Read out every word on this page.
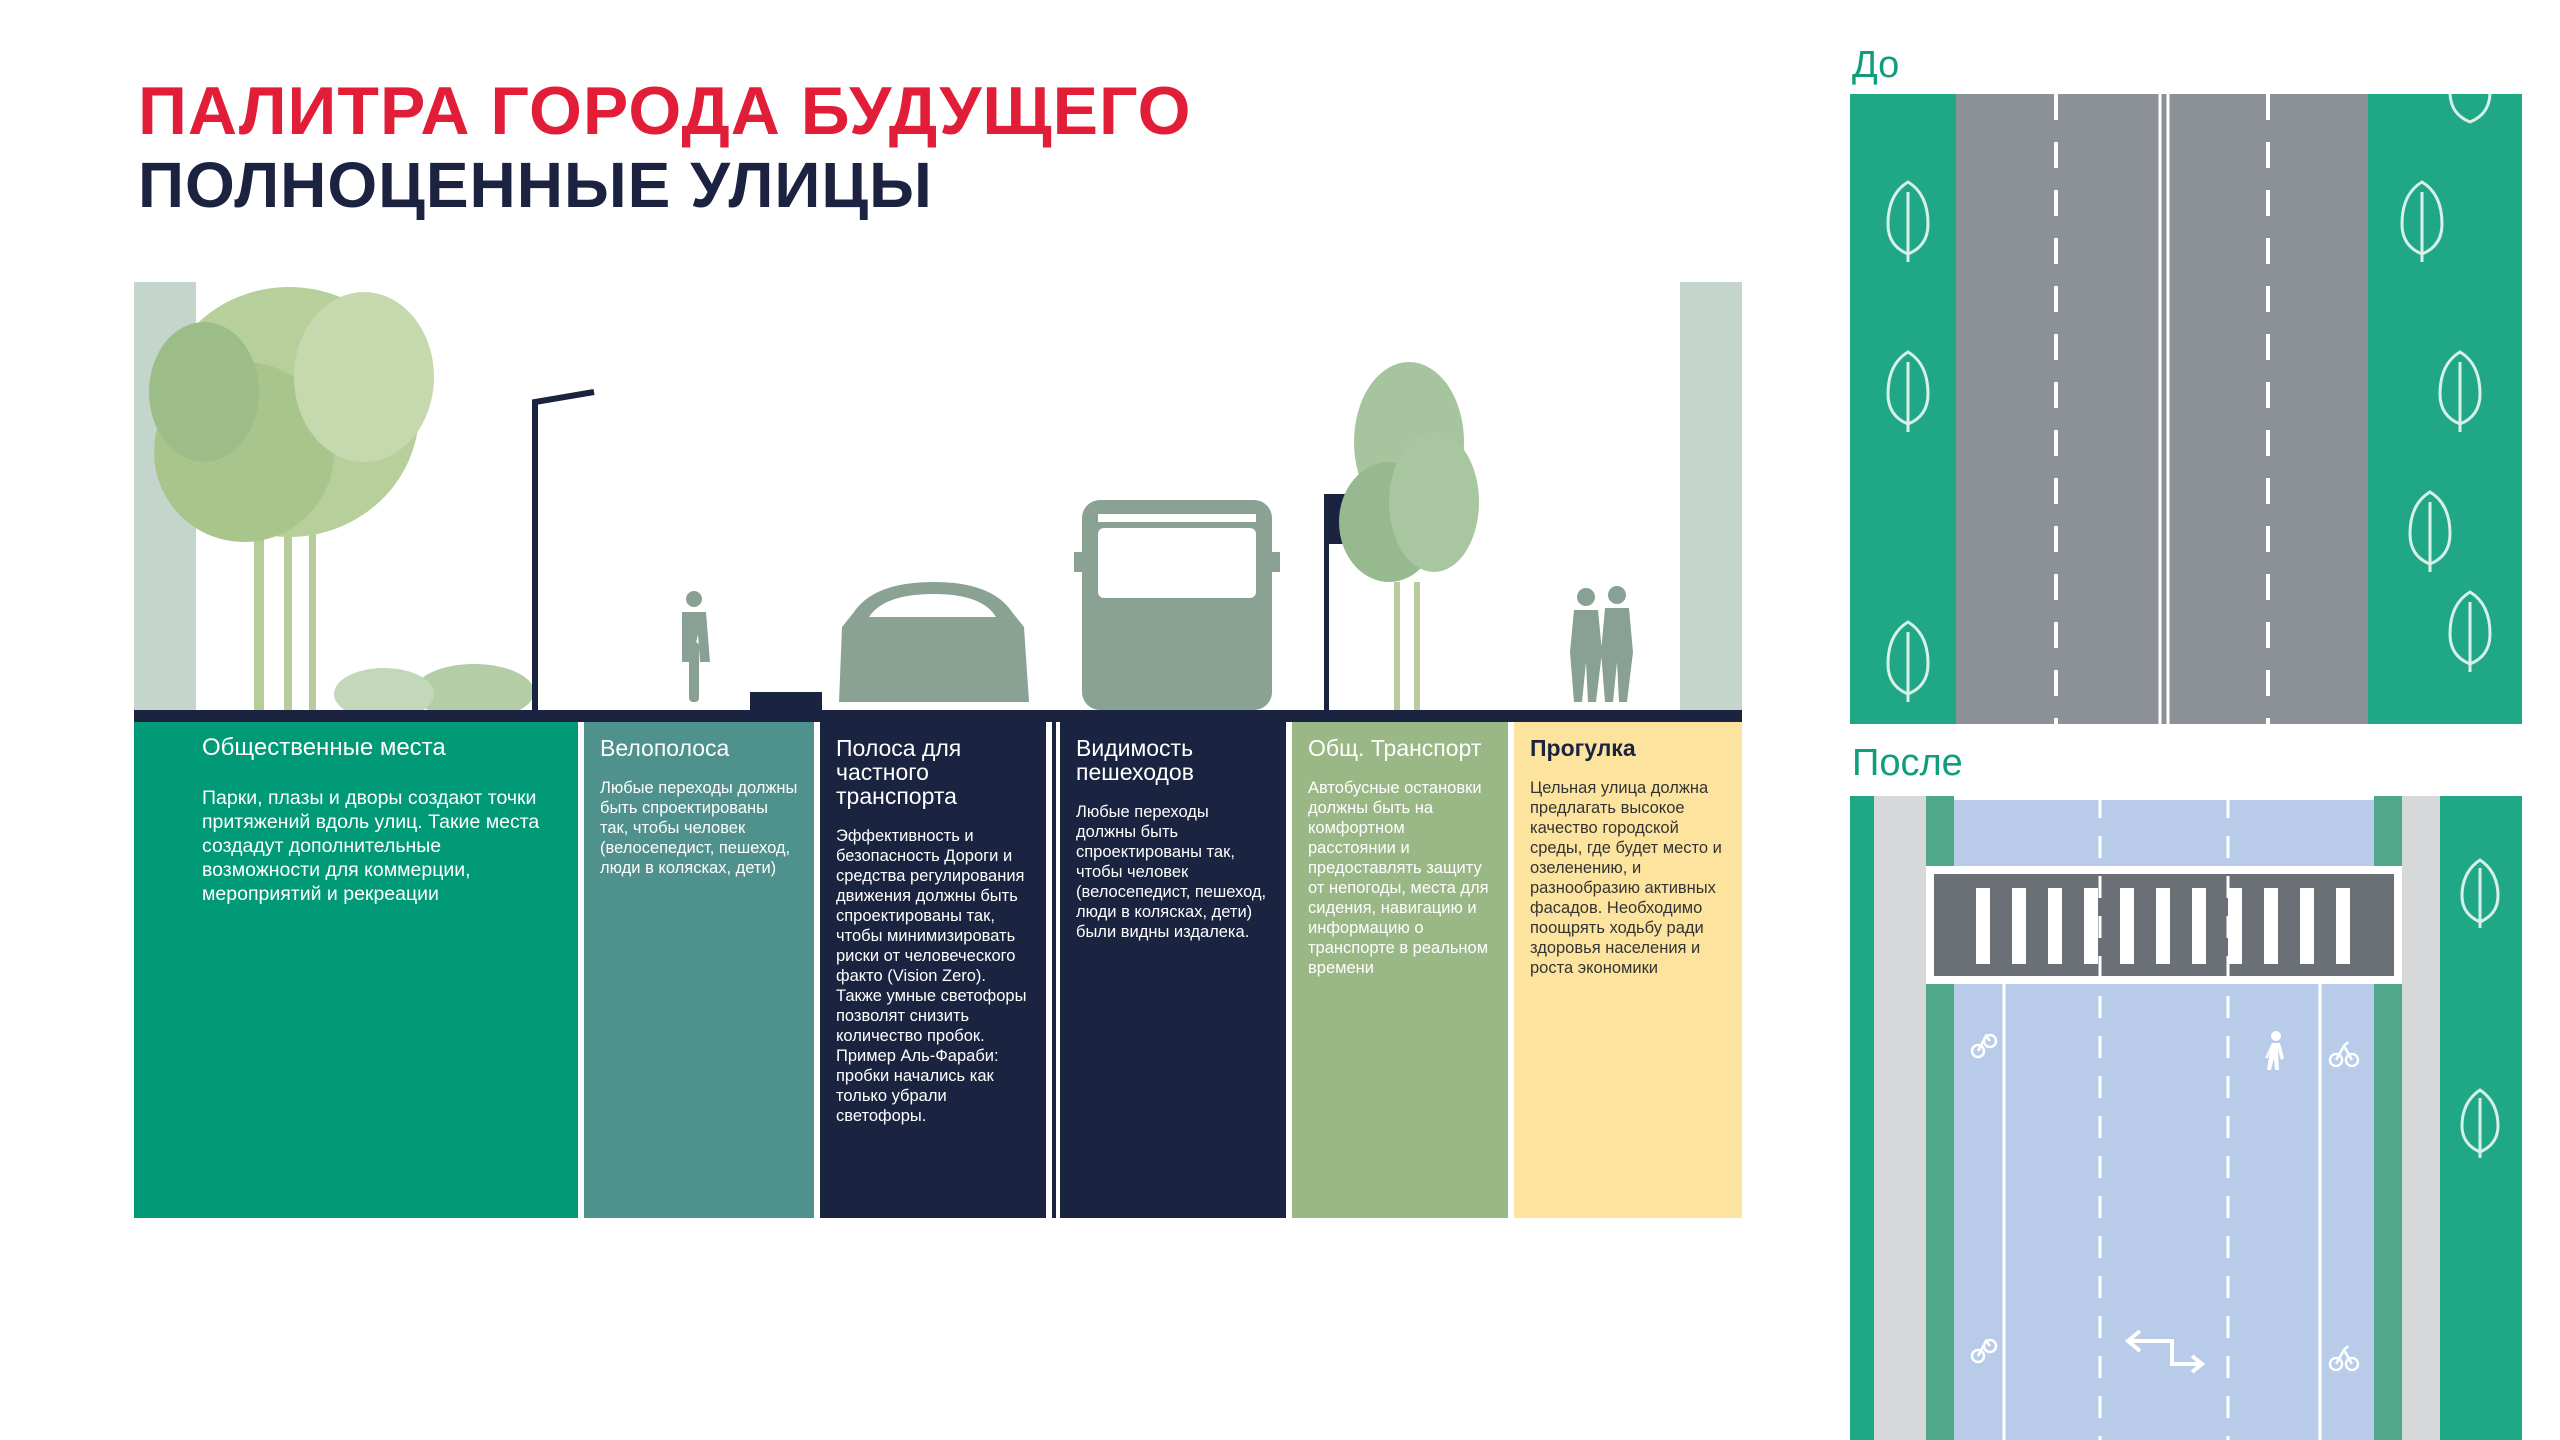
ПАЛИТРА ГОРОДА БУДУЩЕГО
ПОЛНОЦЕННЫЕ УЛИЦЫ
Общественные места

Парки, плазы и дворы создают точки притяжений вдоль улиц. Такие места создадут дополнительные возможности для коммерции, мероприятий и рекреации

Велополоса

Любые переходы должны быть спроектированы так, чтобы человек (велосепедист, пешеход, люди в колясках, дети)

Полоса для частного транспорта

Эффективность и безопасность Дороги и средства регулирования движения должны быть спроектированы так, чтобы минимизировать риски от человеческого факто (Vision Zero). Также умные светофоры позволят снизить количество пробок. Пример Аль-Фараби: пробки начались как только убрали светофоры.

Видимость пешеходов

Любые переходы должны быть спроектированы так, чтобы человек (велосепедист, пешеход, люди в колясках, дети) были видны издалека.

Общ. Транспорт

Автобусные остановки должны быть на комфортном расстоянии и предоставлять защиту от непогоды, места для сидения, навигацию и информацию о транспорте в реальном времени

Прогулка

Цельная улица должна предлагать высокое качество городской среды, где будет место и озеленению, и разнообразию активных фасадов. Необходимо поощрять ходьбу ради здоровья населения и роста экономики

До
После
